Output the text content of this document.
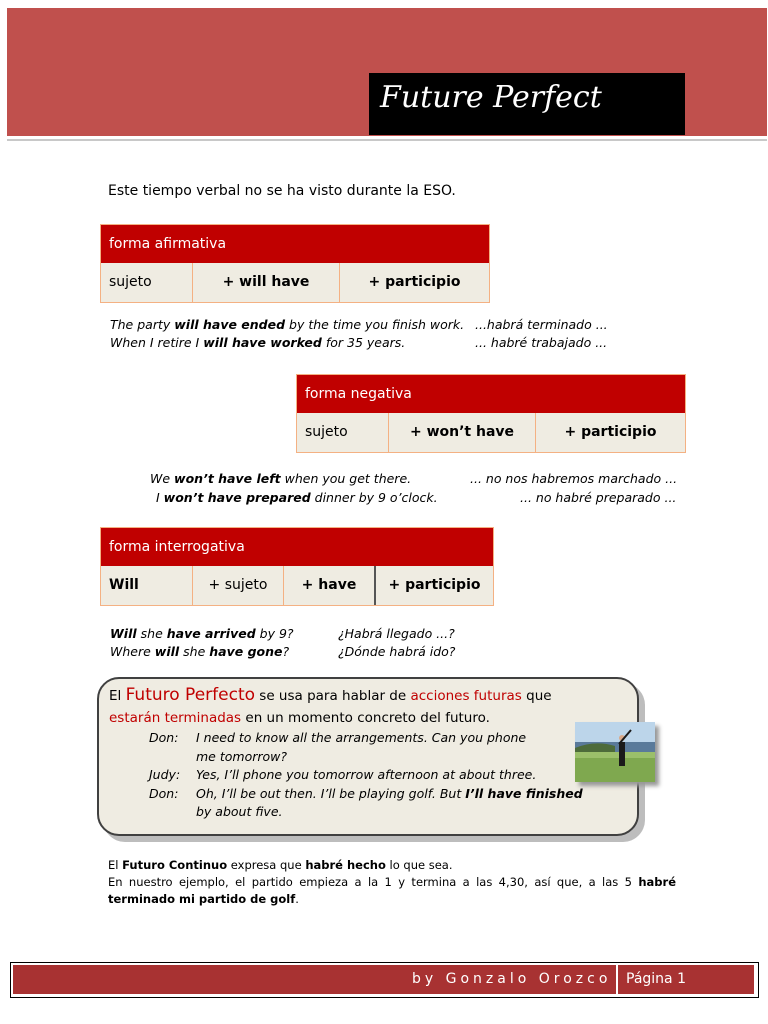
Future Perfect
Este tiempo verbal no se ha visto durante la ESO.
forma afirmativa
sujeto	+ will have	+ participio
The party will have ended by the time you finish work. ...habrá terminado ...
When I retire I will have worked for 35 years.	... habré trabajado ...
forma negativa
sujeto	+ won’t have	+ participio
We won’t have left when you get there.	... no nos habremos marchado ...
I won’t have prepared dinner by 9 o’clock.	... no habré preparado ...
forma interrogativa
Will	+ sujeto	+ have	+ participio
Will she have arrived by 9?	¿Habrá llegado ...?
Where will she have gone?	¿Dónde habrá ido?
El Futuro Perfecto se usa para hablar de acciones futuras que
estarán terminadas en un momento concreto del futuro.
Don:	I need to know all the arrangements. Can you phone me tomorrow?
Judy:	Yes, I’ll phone you tomorrow afternoon at about three.
Don:	Oh, I’ll be out then. I’ll be playing golf. But I’ll have finished by about five.
El Futuro Continuo expresa que habré hecho lo que sea.
En nuestro ejemplo, el partido empieza a la 1 y termina a las 4,30, así que, a las 5 habré terminado mi partido de golf.
by Gonzalo Orozco Página 1
